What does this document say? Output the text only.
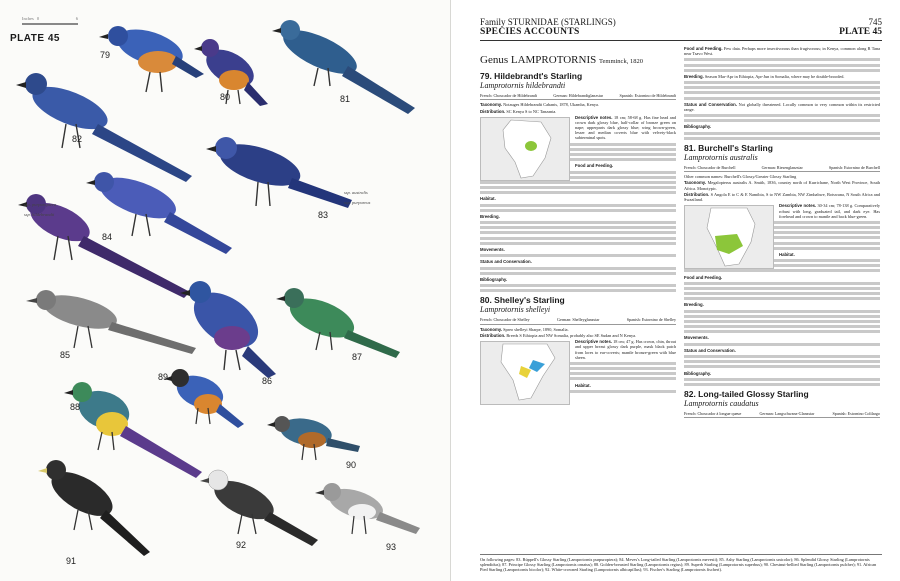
Inches 0	6
PLATE 45
79
80	81
82
83
84
85
86
87
88
89
90
91
92	93
ssp. australis
ssp. hildebrandti
ssp. purpureus
ssp. purpuroptera
Family STURNIDAE (STARLINGS)
SPECIES ACCOUNTS
745
PLATE 45
Genus LAMPROTORNIS Temminck, 1820
79. Hildebrandt's Starling
Lamprotornis hildebrandti
French: Choucador de Hildebrandt	German: Hildebrandtglanzstar	Spanish: Estornino de Hildebrandt

Taxonomy. Notauges Hildebrandti Cabanis, 1878, Ukamba, Kenya.

Distribution. SC Kenya S to NC Tanzania.

Descriptive notes. 18 cm; 58-68 g. Has fine head and crown dark glossy blue, half-collar of bronze green on nape; upperparts dark glossy blue; wing brown-green, lesser and median coverts blue with velvety-black subterminal spots.

Food and Feeding.

Habitat.

Breeding.

Movements.

Status and Conservation.

Bibliography.

80. Shelley's Starling
Lamprotornis shelleyi
French: Choucador de Shelley	German: Shelleyglanzstar	Spanish: Estornino de Shelley

Taxonomy. Spreo shelleyi Sharpe, 1890, Somalia.

Distribution. Breeds S Ethiopia and NW Somalia, probably also SE Sudan and N Kenya.

Descriptive notes. 18 cm; 47 g. Has crown, chin, throat and upper breast glossy dark purple, mask black patch from lores to ear-coverts; mantle bronze-green with blue sheen.

Habitat.

Food and Feeding. Few data. Perhaps more insectivorous than frugivorous; in Kenya, common along R Tana near Tsavo West.

Breeding. Season Mar-Apr in Ethiopia, Apr-Jun in Somalia, where may be double-brooded.

Status and Conservation. Not globally threatened. Locally common to very common within its restricted range.

Bibliography.

81. Burchell's Starling
Lamprotornis australis
French: Choucador de Burchell	German: Riesenglanzstar	Spanish: Estornino de Burchell

Other common names: Burchell's Glossy/Greater Glossy Starling

Taxonomy. Megalopterus australis A. Smith, 1836, country north of Kurrichane, North West Province, South Africa. Monotypic.

Distribution. S Angola E to C & E Namibia, S to NW Zambia, NW Zimbabwe, Botswana, N South Africa and Swaziland.

Descriptive notes. 30-34 cm; 78-138 g. Comparatively robust with long, graduated tail, and dark eye. Has forehead and crown to mantle and back blue-green.

Habitat.

Food and Feeding.

Breeding.

Movements.

Status and Conservation.

Bibliography.

82. Long-tailed Glossy Starling
Lamprotornis caudatus
French: Choucador à longue queue	German: Langschwanz-Glanzstar	Spanish: Estornino Colilargo
On following pages: 83. Rüppell's Glossy Starling (Lamprotornis purpuroptera); 84. Meves's Long-tailed Starling (Lamprotornis mevesii); 85. Ashy Starling (Lamprotornis unicolor); 86. Splendid Glossy Starling (Lamprotornis splendidus); 87. Principe Glossy Starling (Lamprotornis ornatus); 88. Golden-breasted Starling (Lamprotornis regius); 89. Superb Starling (Lamprotornis superbus); 90. Chestnut-bellied Starling (Lamprotornis pulcher); 91. African Pied Starling (Lamprotornis bicolor); 92. White-crowned Starling (Lamprotornis albicapillus); 93. Fischer's Starling (Lamprotornis fischeri).
